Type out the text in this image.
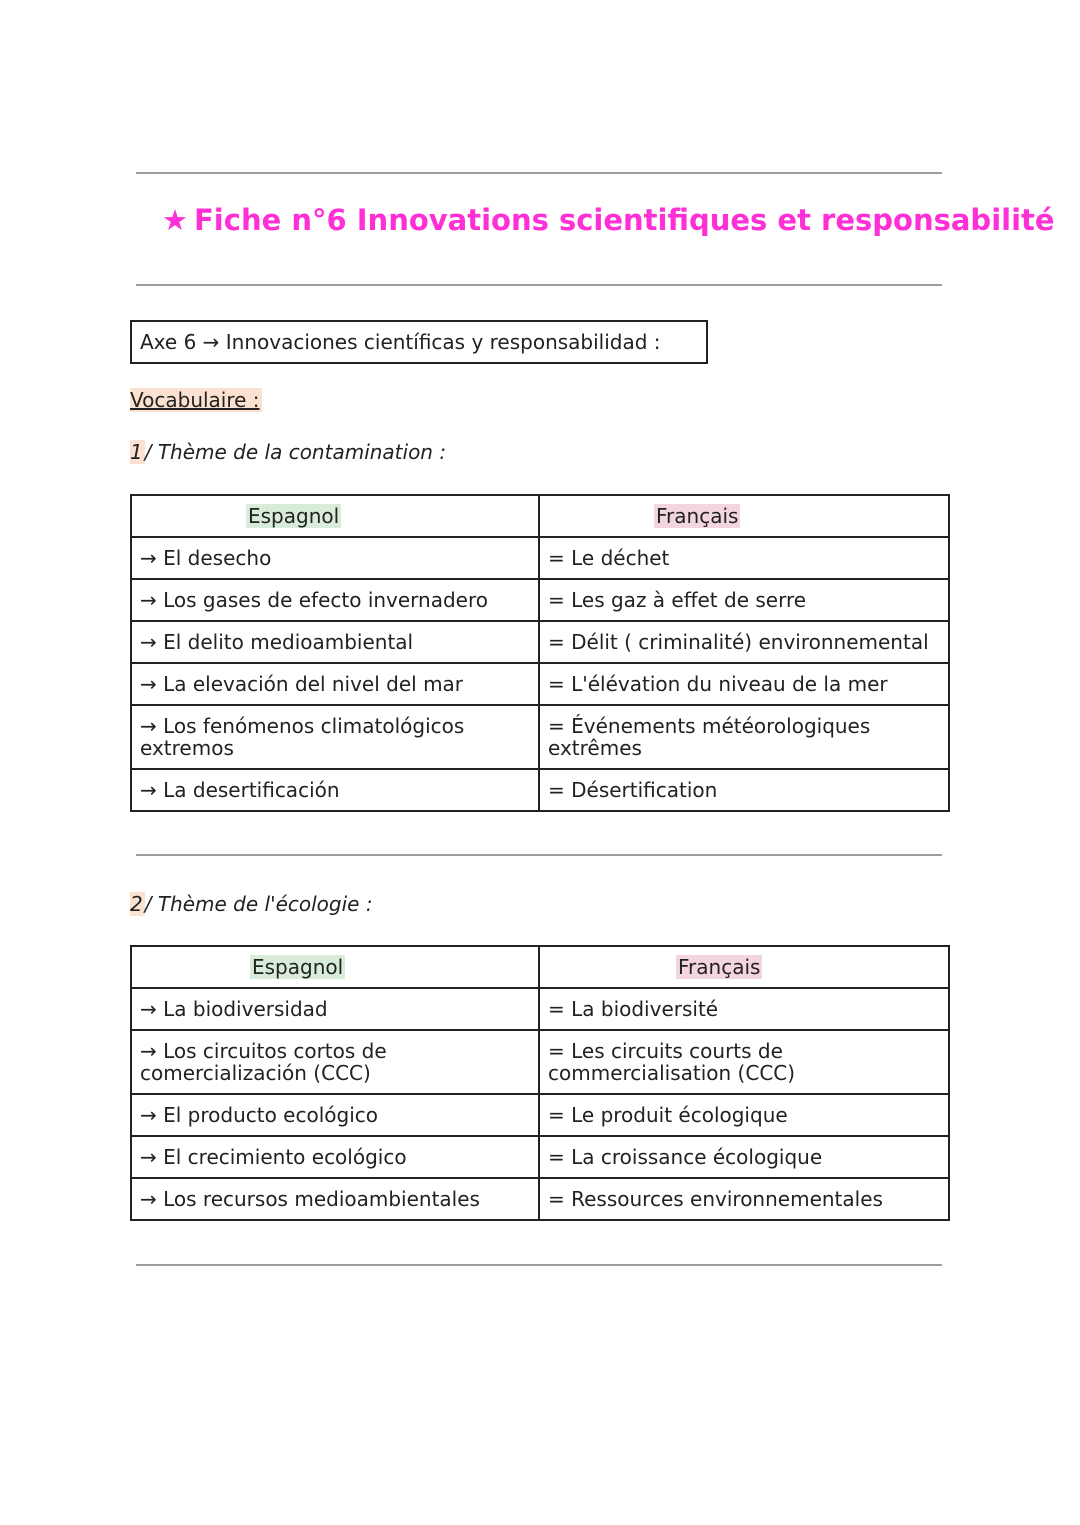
★ Fiche n°6 Innovations scientifiques et responsabilité
Axe 6 → Innovaciones científicas y responsabilidad :
Vocabulaire :
1 / Thème de la contamination :
Espagnol	Français
→ El desecho	= Le déchet
→ Los gases de efecto invernadero	= Les gaz à effet de serre
→ El delito medioambiental	= Délit ( criminalité) environnemental
→ La elevación del nivel del mar	= L'élévation du niveau de la mer
→ Los fenómenos climatológicos extremos	= Événements météorologiques extrêmes
→ La desertificación	= Désertification
2 / Thème de l'écologie :
Espagnol	Français
→ La biodiversidad	= La biodiversité
→ Los circuitos cortos de comercialización (CCC)	= Les circuits courts de commercialisation (CCC)
→ El producto ecológico	= Le produit écologique
→ El crecimiento ecológico	= La croissance écologique
→ Los recursos medioambientales	= Ressources environnementales
